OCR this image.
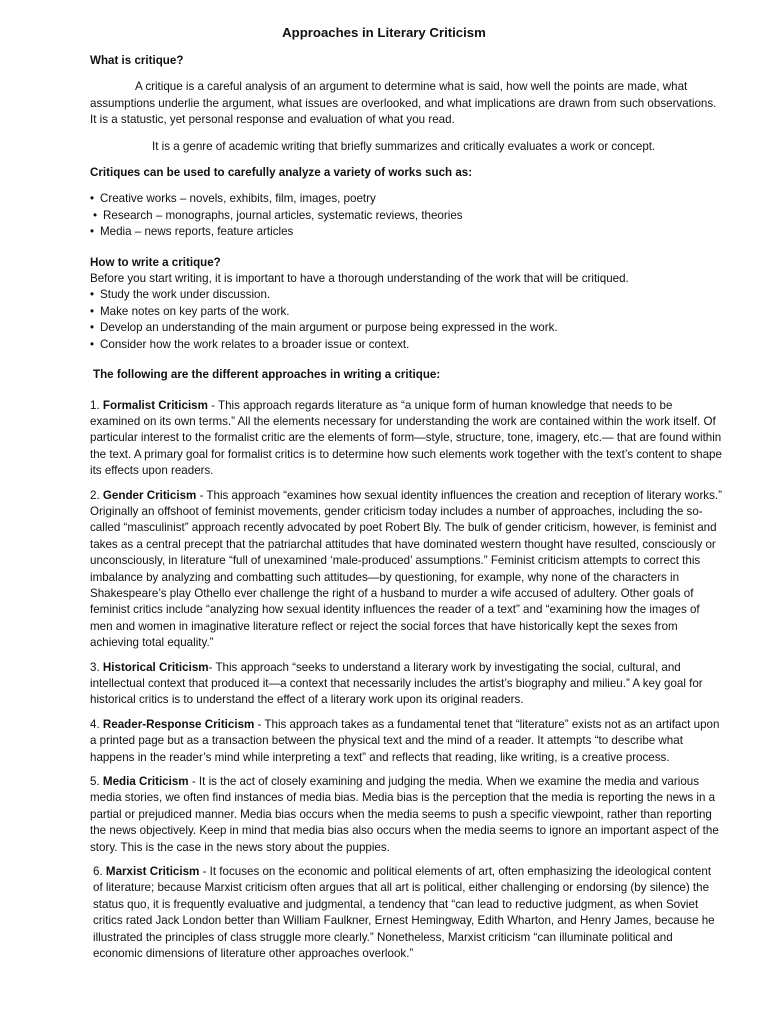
Approaches in Literary Criticism

What is critique?

A critique is a careful analysis of an argument to determine what is said, how well the points are made, what assumptions underlie the argument, what issues are overlooked, and what implications are drawn from such observations. It is a statustic, yet personal response and evaluation of what you read.

It is a genre of academic writing that briefly summarizes and critically evaluates a work or concept.

Critiques can be used to carefully analyze a variety of works such as:

• Creative works – novels, exhibits, film, images, poetry
• Research – monographs, journal articles, systematic reviews, theories
• Media – news reports, feature articles

How to write a critique?

Before you start writing, it is important to have a thorough understanding of the work that will be critiqued.

• Study the work under discussion.
• Make notes on key parts of the work.
• Develop an understanding of the main argument or purpose being expressed in the work.
• Consider how the work relates to a broader issue or context.

The following are the different approaches in writing a critique:

1. Formalist Criticism - This approach regards literature as “a unique form of human knowledge that needs to be examined on its own terms.” All the elements necessary for understanding the work are contained within the work itself. Of particular interest to the formalist critic are the elements of form—style, structure, tone, imagery, etc.— that are found within the text. A primary goal for formalist critics is to determine how such elements work together with the text’s content to shape its effects upon readers.

2. Gender Criticism - This approach “examines how sexual identity influences the creation and reception of literary works.” Originally an offshoot of feminist movements, gender criticism today includes a number of approaches, including the so-called “masculinist” approach recently advocated by poet Robert Bly. The bulk of gender criticism, however, is feminist and takes as a central precept that the patriarchal attitudes that have dominated western thought have resulted, consciously or unconsciously, in literature “full of unexamined ‘male-produced’ assumptions.” Feminist criticism attempts to correct this imbalance by analyzing and combatting such attitudes—by questioning, for example, why none of the characters in Shakespeare’s play Othello ever challenge the right of a husband to murder a wife accused of adultery. Other goals of feminist critics include “analyzing how sexual identity influences the reader of a text” and “examining how the images of men and women in imaginative literature reflect or reject the social forces that have historically kept the sexes from achieving total equality.”

3. Historical Criticism- This approach “seeks to understand a literary work by investigating the social, cultural, and intellectual context that produced it—a context that necessarily includes the artist’s biography and milieu.” A key goal for historical critics is to understand the effect of a literary work upon its original readers.

4. Reader-Response Criticism - This approach takes as a fundamental tenet that “literature” exists not as an artifact upon a printed page but as a transaction between the physical text and the mind of a reader. It attempts “to describe what happens in the reader’s mind while interpreting a text” and reflects that reading, like writing, is a creative process.

5. Media Criticism - It is the act of closely examining and judging the media. When we examine the media and various media stories, we often find instances of media bias. Media bias is the perception that the media is reporting the news in a partial or prejudiced manner. Media bias occurs when the media seems to push a specific viewpoint, rather than reporting the news objectively. Keep in mind that media bias also occurs when the media seems to ignore an important aspect of the story. This is the case in the news story about the puppies.

6. Marxist Criticism - It focuses on the economic and political elements of art, often emphasizing the ideological content of literature; because Marxist criticism often argues that all art is political, either challenging or endorsing (by silence) the status quo, it is frequently evaluative and judgmental, a tendency that “can lead to reductive judgment, as when Soviet critics rated Jack London better than William Faulkner, Ernest Hemingway, Edith Wharton, and Henry James, because he illustrated the principles of class struggle more clearly.” Nonetheless, Marxist criticism “can illuminate political and economic dimensions of literature other approaches overlook.”
